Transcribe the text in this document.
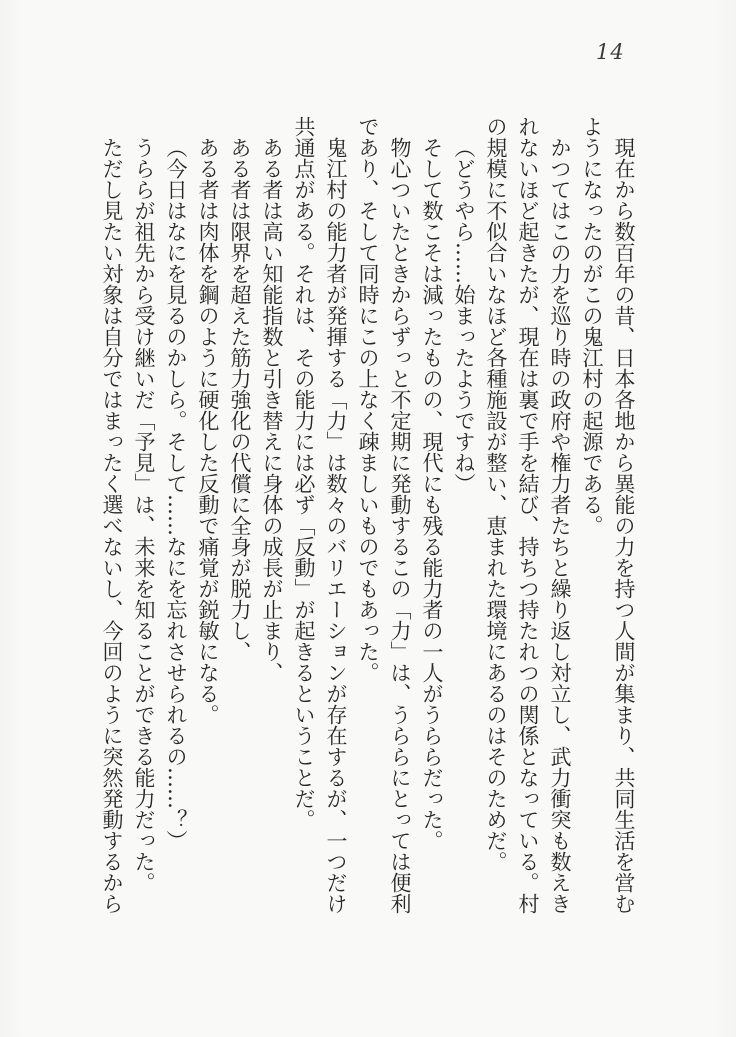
14

現在から数百年の昔、日本各地から異能の力を持つ人間が集まり、共同生活を営むようになったのがこの鬼江村の起源である。

かつてはこの力を巡り時の政府や権力者たちと繰り返し対立し、武力衝突も数えきれないほど起きたが、現在は裏で手を結び、持ちつ持たれつの関係となっている。村の規模に不似合いなほど各種施設が整い、恵まれた環境にあるのはそのためだ。

（どうやら……始まったようですね）

そして数こそは減ったものの、現代にも残る能力者の一人がうららだった。

物心ついたときからずっと不定期に発動するこの「力」は、うららにとっては便利であり、そして同時にこの上なく疎ましいものでもあった。

鬼江村の能力者が発揮する「力」は数々のバリエーションが存在するが、一つだけ共通点がある。それは、その能力には必ず「反動」が起きるということだ。

ある者は高い知能指数と引き替えに身体の成長が止まり、

ある者は限界を超えた筋力強化の代償に全身が脱力し、

ある者は肉体を鋼のように硬化した反動で痛覚が鋭敏になる。

（今日はなにを見るのかしら。そして……なにを忘れさせられるの……？）

うららが祖先から受け継いだ「予見」は、未来を知ることができる能力だった。

ただし見たい対象は自分ではまったく選べないし、今回のように突然発動するから
